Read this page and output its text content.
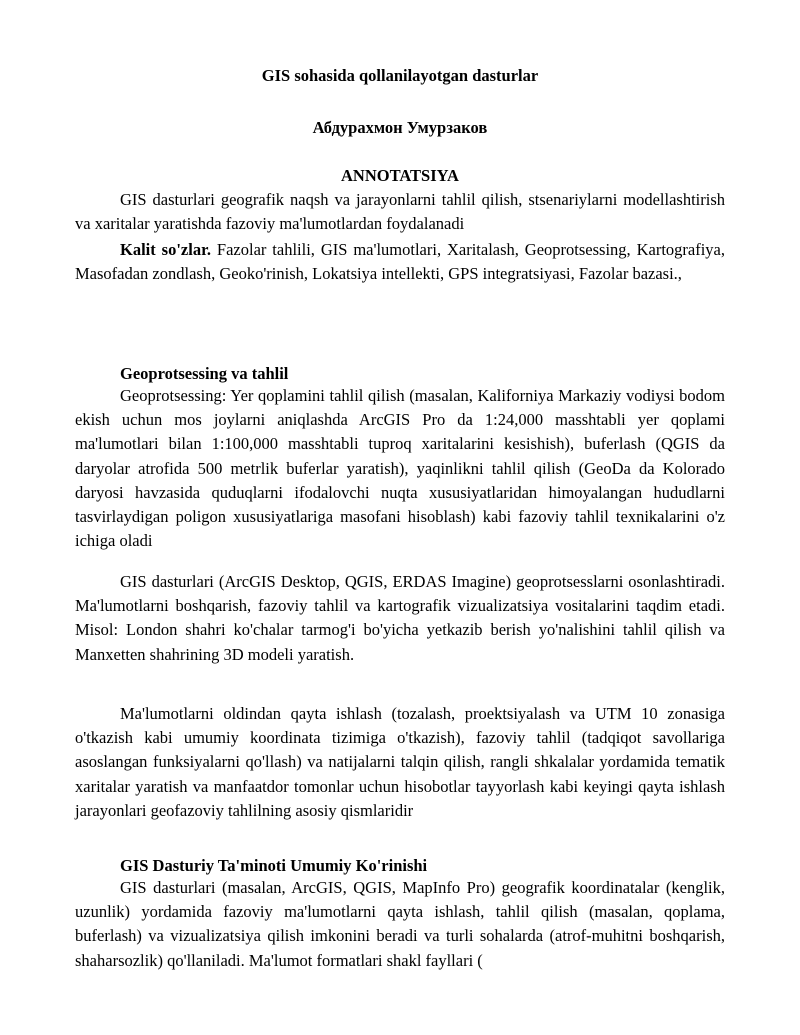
GIS sohasida qollanilayotgan dasturlar

Абдурахмон Умурзаков

ANNOTATSIYA

GIS dasturlari geografik naqsh va jarayonlarni tahlil qilish, stsenariylarni modellashtirish va xaritalar yaratishda fazoviy ma'lumotlardan foydalanadi

Kalit so'zlar. Fazolar tahlili, GIS ma'lumotlari, Xaritalash, Geoprotsessing, Kartografiya, Masofadan zondlash, Geoko'rinish, Lokatsiya intellekti, GPS integratsiyasi, Fazolar bazasi.,

Geoprotsessing va tahlil

Geoprotsessing: Yer qoplamini tahlil qilish (masalan, Kaliforniya Markaziy vodiysi bodom ekish uchun mos joylarni aniqlashda ArcGIS Pro da 1:24,000 masshtabli yer qoplami ma'lumotlari bilan 1:100,000 masshtabli tuproq xaritalarini kesishish), buferlash (QGIS da daryolar atrofida 500 metrlik buferlar yaratish), yaqinlikni tahlil qilish (GeoDa da Kolorado daryosi havzasida quduqlarni ifodalovchi nuqta xususiyatlaridan himoyalangan hududlarni tasvirlaydigan poligon xususiyatlariga masofani hisoblash) kabi fazoviy tahlil texnikalarini o'z ichiga oladi

GIS dasturlari (ArcGIS Desktop, QGIS, ERDAS Imagine) geoprotsesslarni osonlashtiradi. Ma'lumotlarni boshqarish, fazoviy tahlil va kartografik vizualizatsiya vositalarini taqdim etadi. Misol: London shahri ko'chalar tarmog'i bo'yicha yetkazib berish yo'nalishini tahlil qilish va Manxetten shahrining 3D modeli yaratish.

Ma'lumotlarni oldindan qayta ishlash (tozalash, proektsiyalash va UTM 10 zonasiga o'tkazish kabi umumiy koordinata tizimiga o'tkazish), fazoviy tahlil (tadqiqot savollariga asoslangan funksiyalarni qo'llash) va natijalarni talqin qilish, rangli shkalalar yordamida tematik xaritalar yaratish va manfaatdor tomonlar uchun hisobotlar tayyorlash kabi keyingi qayta ishlash jarayonlari geofazoviy tahlilning asosiy qismlaridir

GIS Dasturiy Ta'minoti Umumiy Ko'rinishi

GIS dasturlari (masalan, ArcGIS, QGIS, MapInfo Pro) geografik koordinatalar (kenglik, uzunlik) yordamida fazoviy ma'lumotlarni qayta ishlash, tahlil qilish (masalan, qoplama, buferlash) va vizualizatsiya qilish imkonini beradi va turli sohalarda (atrof-muhitni boshqarish, shaharsozlik) qo'llaniladi. Ma'lumot formatlari shakl fayllari (
